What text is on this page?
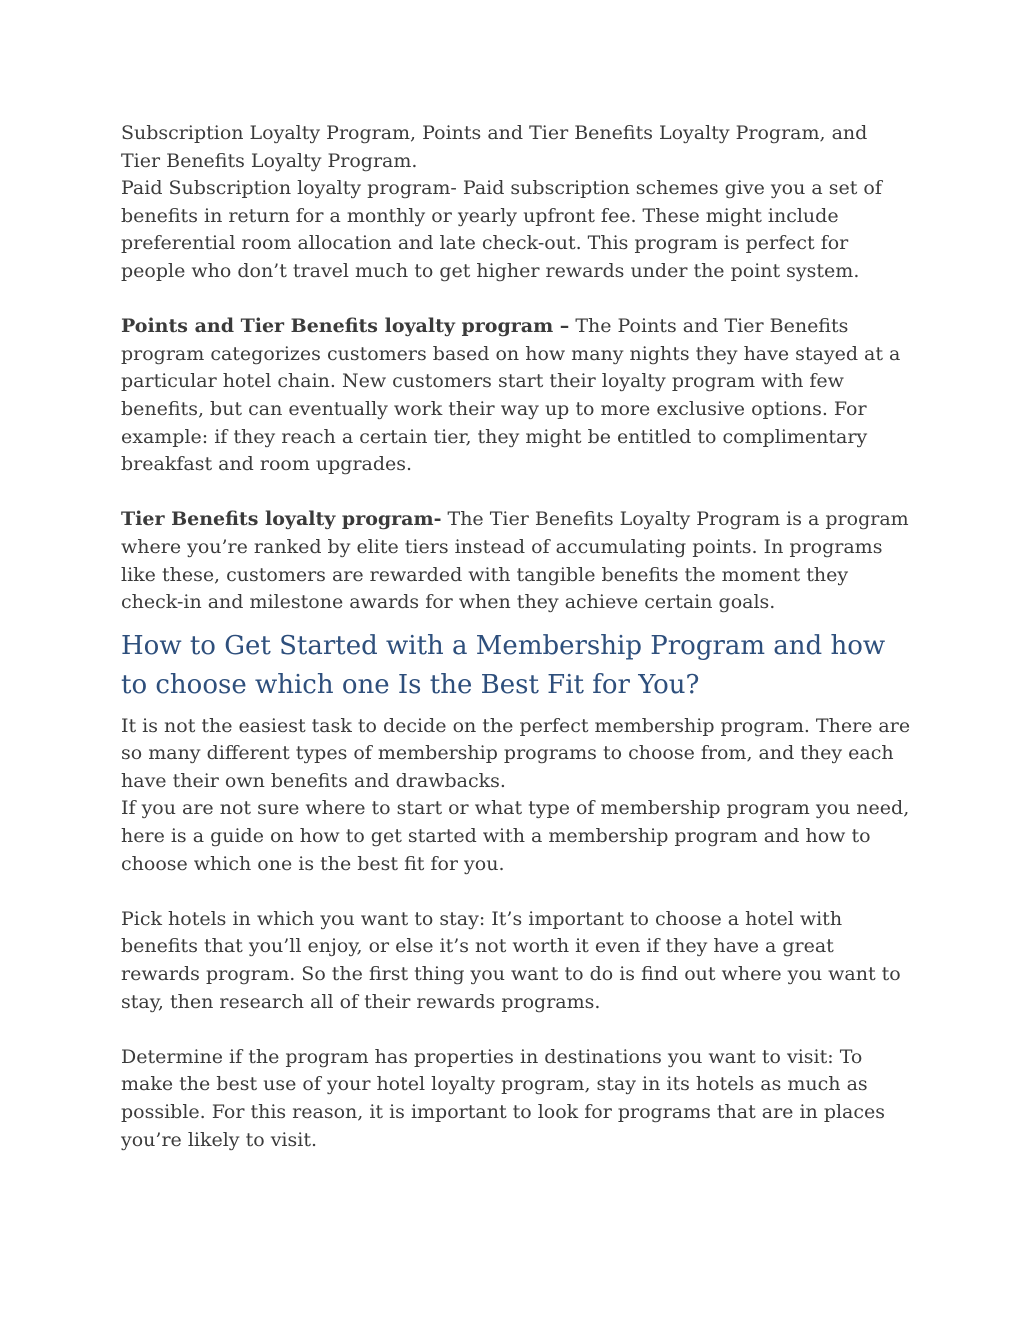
Subscription Loyalty Program, Points and Tier Benefits Loyalty Program, and Tier Benefits Loyalty Program.

Paid Subscription loyalty program- Paid subscription schemes give you a set of benefits in return for a monthly or yearly upfront fee. These might include preferential room allocation and late check-out. This program is perfect for people who don’t travel much to get higher rewards under the point system.

Points and Tier Benefits loyalty program – The Points and Tier Benefits program categorizes customers based on how many nights they have stayed at a particular hotel chain. New customers start their loyalty program with few benefits, but can eventually work their way up to more exclusive options. For example: if they reach a certain tier, they might be entitled to complimentary breakfast and room upgrades.

Tier Benefits loyalty program- The Tier Benefits Loyalty Program is a program where you’re ranked by elite tiers instead of accumulating points. In programs like these, customers are rewarded with tangible benefits the moment they check-in and milestone awards for when they achieve certain goals.

How to Get Started with a Membership Program and how to choose which one Is the Best Fit for You?

It is not the easiest task to decide on the perfect membership program. There are so many different types of membership programs to choose from, and they each have their own benefits and drawbacks.

If you are not sure where to start or what type of membership program you need, here is a guide on how to get started with a membership program and how to choose which one is the best fit for you.

Pick hotels in which you want to stay: It’s important to choose a hotel with benefits that you’ll enjoy, or else it’s not worth it even if they have a great rewards program. So the first thing you want to do is find out where you want to stay, then research all of their rewards programs.

Determine if the program has properties in destinations you want to visit: To make the best use of your hotel loyalty program, stay in its hotels as much as possible. For this reason, it is important to look for programs that are in places you’re likely to visit.
